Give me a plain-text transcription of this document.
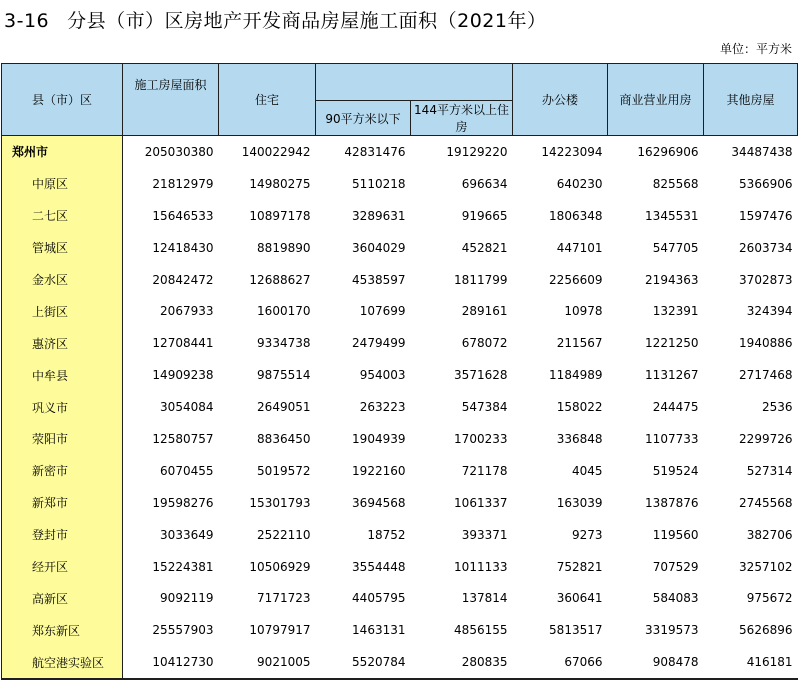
3-16 分县（市）区房地产开发商品房屋施工面积（2021年）
单位：平方米
县（市）区	施工房屋面积	住宅			办公楼	商业营业用房	其他房屋
			90平方米以下	144平方米以上住房			
郑州市	205030380	140022942	42831476	19129220	14223094	16296906	34487438
中原区	21812979	14980275	5110218	696634	640230	825568	5366906
二七区	15646533	10897178	3289631	919665	1806348	1345531	1597476
管城区	12418430	8819890	3604029	452821	447101	547705	2603734
金水区	20842472	12688627	4538597	1811799	2256609	2194363	3702873
上街区	2067933	1600170	107699	289161	10978	132391	324394
惠济区	12708441	9334738	2479499	678072	211567	1221250	1940886
中牟县	14909238	9875514	954003	3571628	1184989	1131267	2717468
巩义市	3054084	2649051	263223	547384	158022	244475	2536
荥阳市	12580757	8836450	1904939	1700233	336848	1107733	2299726
新密市	6070455	5019572	1922160	721178	4045	519524	527314
新郑市	19598276	15301793	3694568	1061337	163039	1387876	2745568
登封市	3033649	2522110	18752	393371	9273	119560	382706
经开区	15224381	10506929	3554448	1011133	752821	707529	3257102
高新区	9092119	7171723	4405795	137814	360641	584083	975672
郑东新区	25557903	10797917	1463131	4856155	5813517	3319573	5626896
航空港实验区	10412730	9021005	5520784	280835	67066	908478	416181
